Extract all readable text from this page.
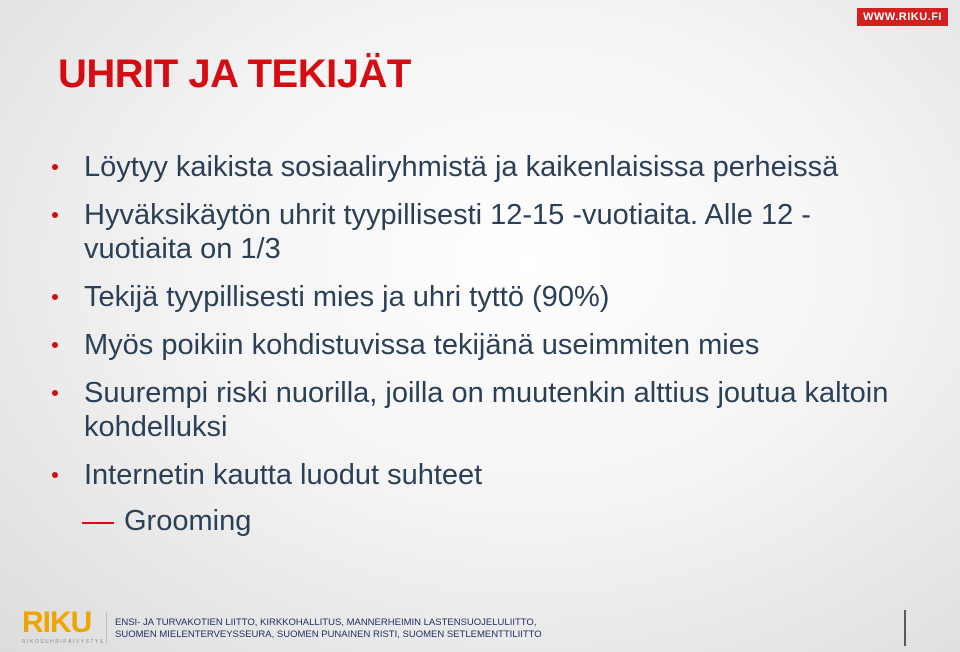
WWW.RIKU.FI
UHRIT JA TEKIJÄT
Löytyy kaikista sosiaaliryhmistä ja kaikenlaisissa perheissä
Hyväksikäytön uhrit tyypillisesti 12-15 -vuotiaita. Alle 12 -vuotiaita on 1/3
Tekijä tyypillisesti mies ja uhri tyttö (90%)
Myös poikiin kohdistuvissa tekijänä useimmiten mies
Suurempi riski nuorilla, joilla on muutenkin alttius joutua kaltoin kohdelluksi
Internetin kautta luodut suhteet
Grooming
RIKU
RIKOSUHRIPÄIVYSTYS
ENSI- JA TURVAKOTIEN LIITTO, KIRKKOHALLITUS, MANNERHEIMIN LASTENSUOJELULIITTO,
SUOMEN MIELENTERVEYSSEURA, SUOMEN PUNAINEN RISTI, SUOMEN SETLEMENTTILIITTO
